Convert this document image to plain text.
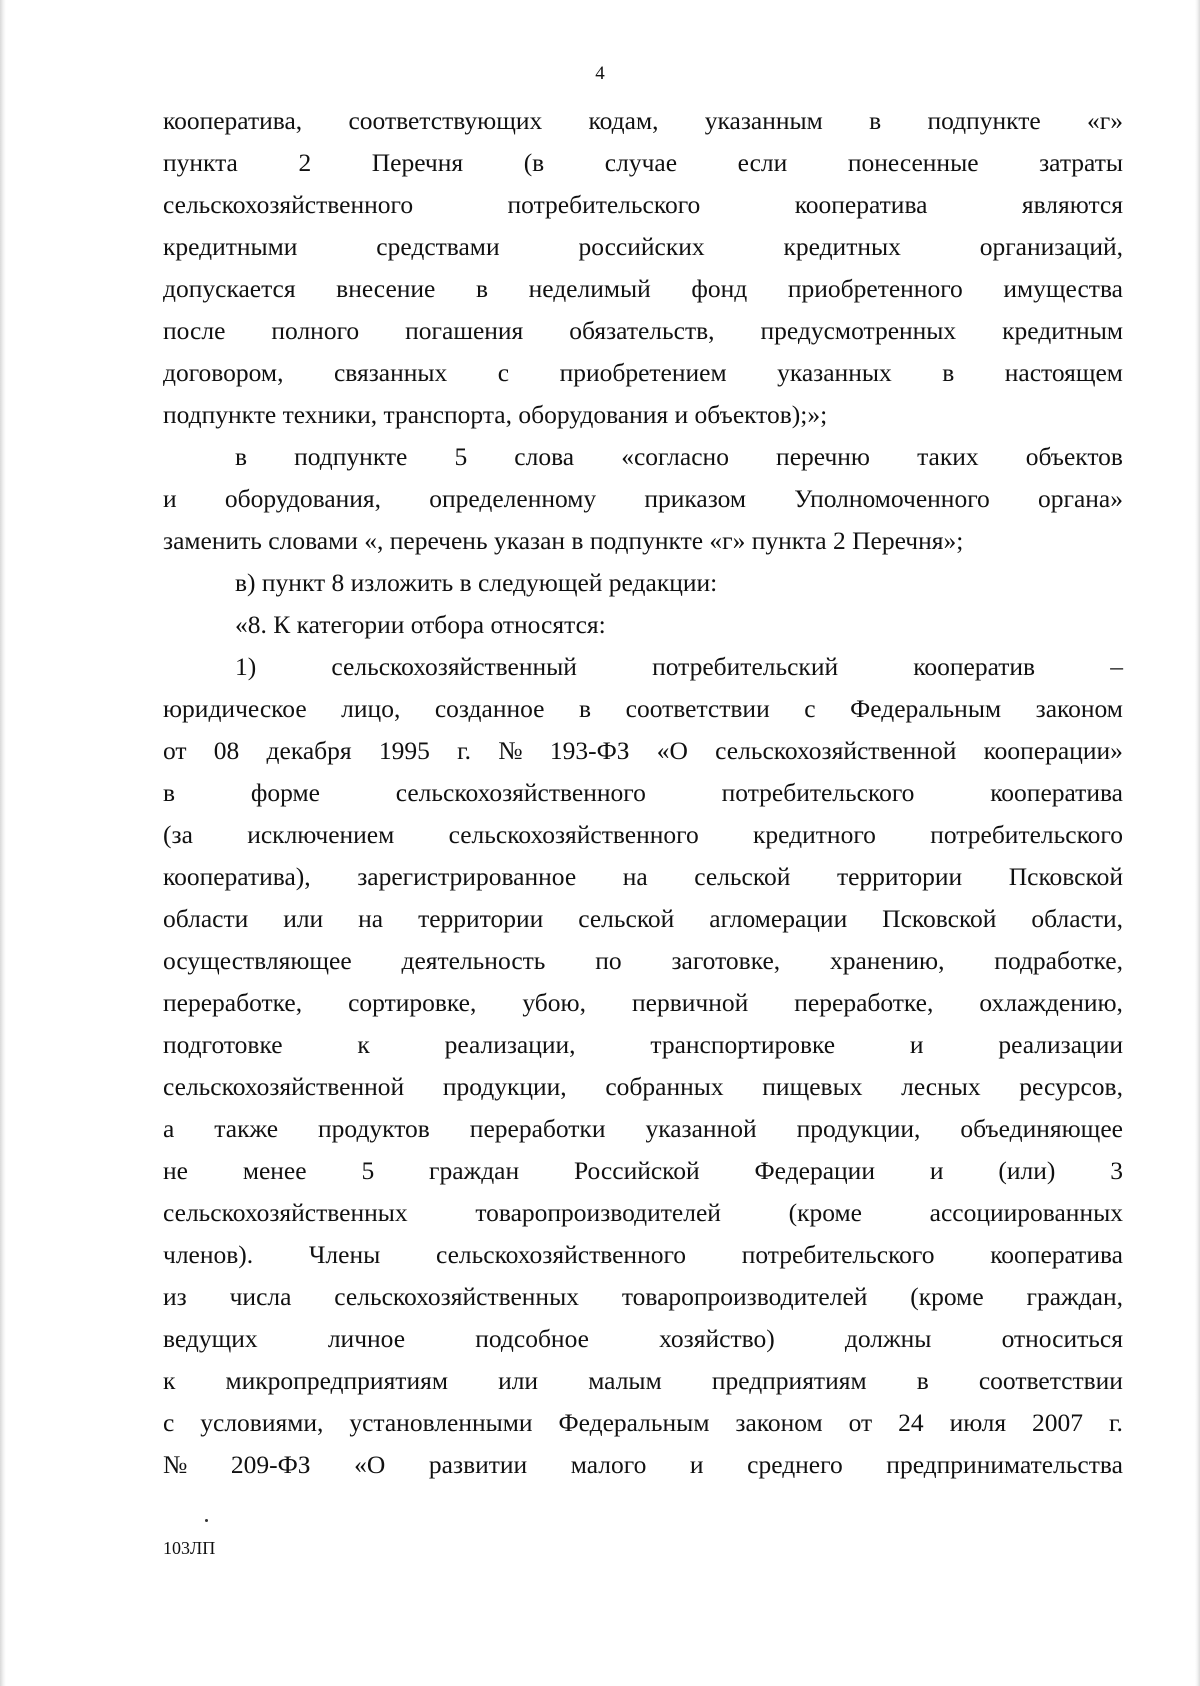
4
кооператива, соответствующих кодам, указанным в подпункте «г»
пункта 2 Перечня (в случае если понесенные затраты
сельскохозяйственного	потребительского	кооператива	являются
кредитными	средствами	российских	кредитных	организаций,
допускается внесение в неделимый фонд приобретенного имущества
после полного погашения обязательств, предусмотренных кредитным
договором, связанных с приобретением указанных в настоящем
подпункте техники, транспорта, оборудования и объектов);»;
в подпункте 5 слова «согласно перечню таких объектов
и оборудования, определенному приказом Уполномоченного органа»
заменить словами «, перечень указан в подпункте «г» пункта 2 Перечня»;
в) пункт 8 изложить в следующей редакции:
«8. К категории отбора относятся:
1)	сельскохозяйственный	потребительский	кооператив	–
юридическое лицо, созданное в соответствии с Федеральным законом
от 08 декабря 1995 г. № 193-ФЗ «О сельскохозяйственной кооперации»
в	форме	сельскохозяйственного	потребительского	кооператива
(за исключением сельскохозяйственного кредитного потребительского
кооператива), зарегистрированное на сельской территории Псковской
области или на территории сельской агломерации Псковской области,
осуществляющее деятельность по заготовке, хранению, подработке,
переработке, сортировке, убою, первичной переработке, охлаждению,
подготовке	к	реализации,	транспортировке	и	реализации
сельскохозяйственной продукции, собранных пищевых лесных ресурсов,
а также продуктов переработки указанной продукции, объединяющее
не менее 5 граждан Российской Федерации и (или) 3
сельскохозяйственных	товаропроизводителей	(кроме	ассоциированных
членов). Члены сельскохозяйственного потребительского кооператива
из числа сельскохозяйственных товаропроизводителей (кроме граждан,
ведущих	личное	подсобное	хозяйство)	должны	относиться
к микропредприятиям или малым предприятиям в соответствии
с условиями, установленными Федеральным законом от 24 июля 2007 г.
№ 209-ФЗ «О развитии малого и среднего предпринимательства
103ЛП
